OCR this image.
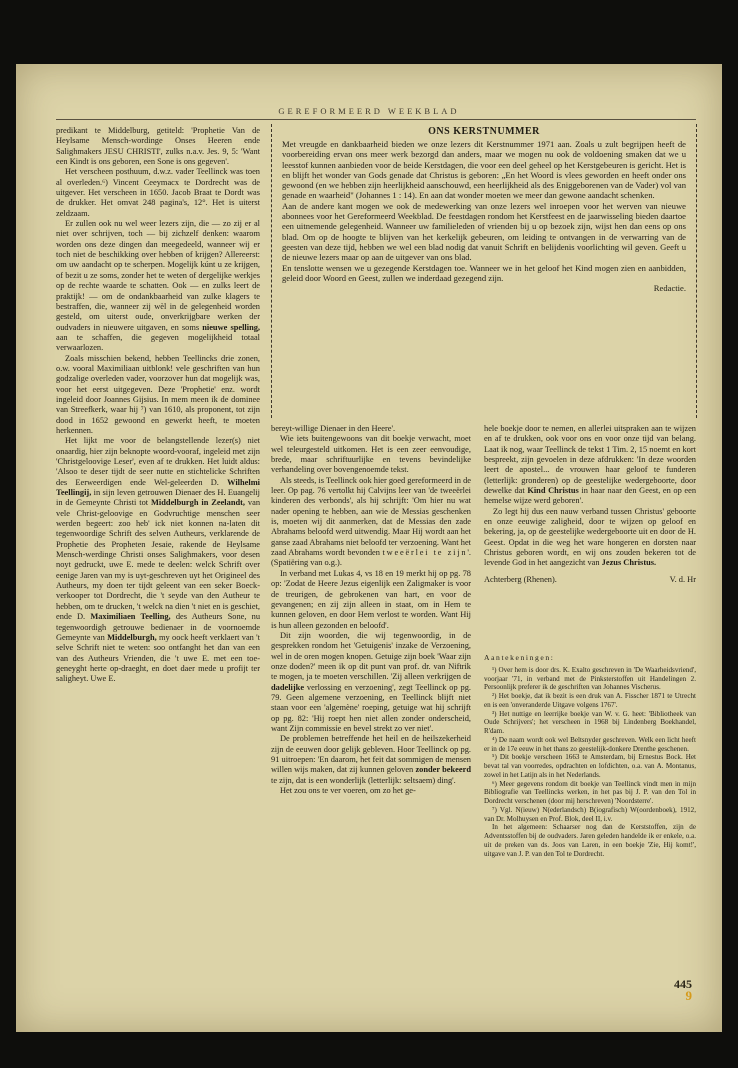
GEREFORMEERD WEEKBLAD

predikant te Middelburg, getiteld: 'Prophetie Van de Heylsame Mensch-wordinge Onses Heeren ende Salighmakers JESU CHRISTI', zulks n.a.v. Jes. 9, 5: 'Want een Kindt is ons geboren, een Sone is ons gegeven'.

Het verscheen posthuum, d.w.z. vader Teellinck was toen al overleden.⁶) Vincent Ceeymacx te Dordrecht was de uitgever. Het verscheen in 1650. Jacob Braat te Dordt was de drukker. Het omvat 248 pagina's, 12°. Het is uiterst zeldzaam.

Er zullen ook nu wel weer lezers zijn, die — zo zij er al niet over schrijven, toch — bij zichzelf denken: waarom worden ons deze dingen dan meegedeeld, wanneer wij er toch niet de beschikking over hebben of krijgen? Allereerst: om uw aandacht op te scherpen. Mogelijk kúnt u ze krijgen, of bezit u ze soms, zonder het te weten of dergelijke werkjes op de rechte waarde te schatten. Ook — en zulks leert de praktijk! — om de ondankbaarheid van zulke klagers te bestraffen, die, wanneer zij wèl in de gelegenheid worden gesteld, om uiterst oude, onverkrijgbare werken der oudvaders in nieuwere uitgaven, en soms nieuwe spelling, aan te schaffen, die gegeven mogelijkheid totaal verwaarlozen.

Zoals misschien bekend, hebben Teellincks drie zonen, o.w. vooral Maximiliaan uitblonk! vele geschriften van hun godzalige overleden vader, voorzover hun dat mogelijk was, voor het eerst uitgegeven. Deze 'Prophetie' enz. wordt ingeleid door Joannes Gijsius. In mem meen ik de dominee van Streefkerk, waar hij ⁷) van 1610, als proponent, tot zijn dood in 1652 gewoond en gewerkt heeft, te moeten herkennen.

Het lijkt me voor de belangstellende lezer(s) niet onaardig, hier zijn beknopte woord-vooraf, ingeleid met zijn 'Christgeloovige Leser', even af te drukken. Het luidt aldus: 'Alsoo te deser tijdt de seer nutte en stichtelicke Schriften des Eerweerdigen ende Wel-geleerden D. Wilhelmi Teellingij, in sijn leven getrouwen Dienaer des H. Euangelij in de Gemeynte Christi tot Middelburgh in Zeelandt, van vele Christ-geloovige en Godvruchtige menschen seer werden begeert: zoo heb' ick niet konnen na-laten dit tegenwoordige Schrift des selven Autheurs, verklarende de Prophetie des Propheten Jesaie, rakende de Heylsame Mensch-werdinge Christi onses Salighmakers, voor desen noyt gedruckt, uwe E. mede te deelen: welck Schrift over eenige Jaren van my is uyt-geschreven uyt het Origineel des Autheurs, my doen ter tijdt geleent van een seker Boeck-verkooper tot Dordrecht, die 't seyde van den Autheur te hebben, om te drucken, 't welck na dien 't niet en is geschiet, ende D. Maximiliaen Teelling, des Autheurs Sone, nu tegenwoordigh getrouwe bedienaer in de voornoemde Gemeynte van Middelburgh, my oock heeft verklaert van 't selve Schrift niet te weten: soo ontfanght het dan van een van des Autheurs Vrienden, die 't uwe E. met een toe-geneyght herte op-draeght, en doet daer mede u profijt ter saligheyt. Uwe E.

ONS KERSTNUMMER

Met vreugde en dankbaarheid bieden we onze lezers dit Kerstnummer 1971 aan. Zoals u zult begrijpen heeft de voorbereiding ervan ons meer werk bezorgd dan anders, maar we mogen nu ook de voldoening smaken dat we u leesstof kunnen aanbieden voor de beide Kerstdagen, die voor een deel geheel op het Kerstgebeuren is gericht. Het is en blijft het wonder van Gods genade dat Christus is geboren: „En het Woord is vlees geworden en heeft onder ons gewoond (en we hebben zijn heerlijkheid aanschouwd, een heerlijkheid als des Eniggeborenen van de Vader) vol van genade en waarheid" (Johannes 1 : 14). En aan dat wonder moeten we meer dan gewone aandacht schenken.

Aan de andere kant mogen we ook de medewerking van onze lezers wel inroepen voor het werven van nieuwe abonnees voor het Gereformeerd Weekblad. De feestdagen rondom het Kerstfeest en de jaarwisseling bieden daartoe een uitnemende gelegenheid. Wanneer uw familieleden of vrienden bij u op bezoek zijn, wijst hen dan eens op ons blad. Om op de hoogte te blijven van het kerkelijk gebeuren, om leiding te ontvangen in de verwarring van de geesten van deze tijd, hebben we wel een blad nodig dat vanuit Schrift en belijdenis voorlichting wil geven. Geeft u de nieuwe lezers maar op aan de uitgever van ons blad.

En tenslotte wensen we u gezegende Kerstdagen toe. Wanneer we in het geloof het Kind mogen zien en aanbidden, geleid door Woord en Geest, zullen we inderdaad gezegend zijn.

Redactie.

bereyt-willige Dienaer in den Heere'.

Wie iets buitengewoons van dit boekje verwacht, moet wel teleurgesteld uitkomen. Het is een zeer eenvoudige, brede, maar schriftuurlijke en tevens bevindelijke verhandeling over bovengenoemde tekst.

Als steeds, is Teellinck ook hier goed gereformeerd in de leer. Op pag. 76 vertolkt hij Calvijns leer van 'de tweeërlei kinderen des verbonds', als hij schrijft: 'Om hier nu wat nader opening te hebben, aan wie de Messias geschenken is, moeten wij dit aanmerken, dat de Messias den zade Abrahams beloofd werd uitwendig. Maar Hij wordt aan het ganse zaad Abrahams niet beloofd ter verzoening. Want het zaad Abrahams wordt bevonden tweeërlei te zijn'. (Spatiëring van o.g.).

In verband met Lukas 4, vs 18 en 19 merkt hij op pg. 78 op: 'Zodat de Heere Jezus eigenlijk een Zaligmaker is voor de treurigen, de gebrokenen van hart, en voor de gevangenen; en zij zijn alleen in staat, om in Hem te kunnen geloven, en door Hem verlost te worden. Want Hij is hun alleen gezonden en beloofd'.

Dit zijn woorden, die wij tegenwoordig, in de gesprekken rondom het 'Getuigenis' inzake de Verzoening, wel in de oren mogen knopen. Getuige zijn boek 'Waar zijn onze doden?' meen ik op dit punt van prof. dr. van Niftrik te mogen, ja te moeten verschillen. 'Zij alleen verkrijgen de dadelijke verlossing en verzoening', zegt Teellinck op pg. 79. Geen algemene verzoening, en Teellinck blijft niet staan voor een 'algemène' roeping, getuige wat hij schrijft op pg. 82: 'Hij roept hen niet allen zonder onderscheid, want Zijn commissie en bevel strekt zo ver niet'.

De problemen betreffende het heil en de heilszekerheid zijn de eeuwen door gelijk gebleven. Hoor Teellinck op pg. 91 uitroepen: 'En daarom, het feit dat sommigen de mensen willen wijs maken, dat zij kunnen geloven zonder bekeerd te zijn, dat is een wonderlijk (letterlijk: seltsaem) ding'.

Het zou ons te ver voeren, om zo het ge-

hele boekje door te nemen, en allerlei uitspraken aan te wijzen en af te drukken, ook voor ons en voor onze tijd van belang. Laat ik nog, waar Teellinck de tekst 1 Tim. 2, 15 noemt en kort bespreekt, zijn gevoelen in deze afdrukken: 'In deze woorden leert de apostel... de vrouwen haar geloof te funderen (letterlijk: gronderen) op de geestelijke wedergeboorte, door dewelke dat Kind Christus in haar naar den Geest, en op een hemelse wijze werd geboren'.

Zo legt hij dus een nauw verband tussen Christus' geboorte en onze eeuwige zaligheid, door te wijzen op geloof en bekering, ja, op de geestelijke wedergeboorte uit en door de H. Geest. Opdat in die weg het ware hongeren en dorsten naar Christus geboren wordt, en wij ons zouden bekeren tot de levende God in het aangezicht van Jezus Christus.

Achterberg (Rhenen).	V. d. Hr

Aantekeningen:

¹) Over hem is door drs. K. Exalto geschreven in 'De Waarheidsvriend', voorjaar '71, in verband met de Pinksterstoffen uit Handelingen 2. Persoonlijk preferer ik de geschriften van Johannes Vischerus.

²) Het boekje, dat ik bezit is een druk van A. Fisscher 1871 te Utrecht en is een 'onveranderde Uitgave volgens 1767'.

³) Het nuttige en leerrijke boekje van W. v. G. heet: 'Bibliotheek van Oude Schrijvers'; het verscheen in 1968 bij Lindenberg Boekhandel, R'dam.

⁴) De naam wordt ook wel Beltsnyder geschreven. Welk een licht heeft er in de 17e eeuw in het thans zo geestelijk-donkere Drenthe geschenen.

⁵) Dit boekje verscheen 1663 te Amsterdam, bij Ernestus Bock. Het bevat tal van voorredes, opdrachten en lofdichten, o.a. van A. Montanus, zowel in het Latijn als in het Nederlands.

⁶) Meer gegevens rondom dit boekje van Teellinck vindt men in mijn Bibliografie van Teellincks werken, in het pas bij J. P. van den Tol in Dordrecht verschenen (door mij herschreven) 'Noordsterre'.

⁷) Vgl. N(ieuw) N(ederlandsch) B(iografisch) W(oordenboek), 1912, van Dr. Molhuysen en Prof. Blok, deel II, i.v.

In het algemeen: Schaarser nog dan de Kerststoffen, zijn de Adventsstoffen bij de oudvaders. Jaren geleden handelde ik er enkele, o.a. uit de preken van ds. Joos van Laren, in een boekje 'Zie, Hij komt!', uitgave van J. P. van den Tol te Dordrecht.

445
9
